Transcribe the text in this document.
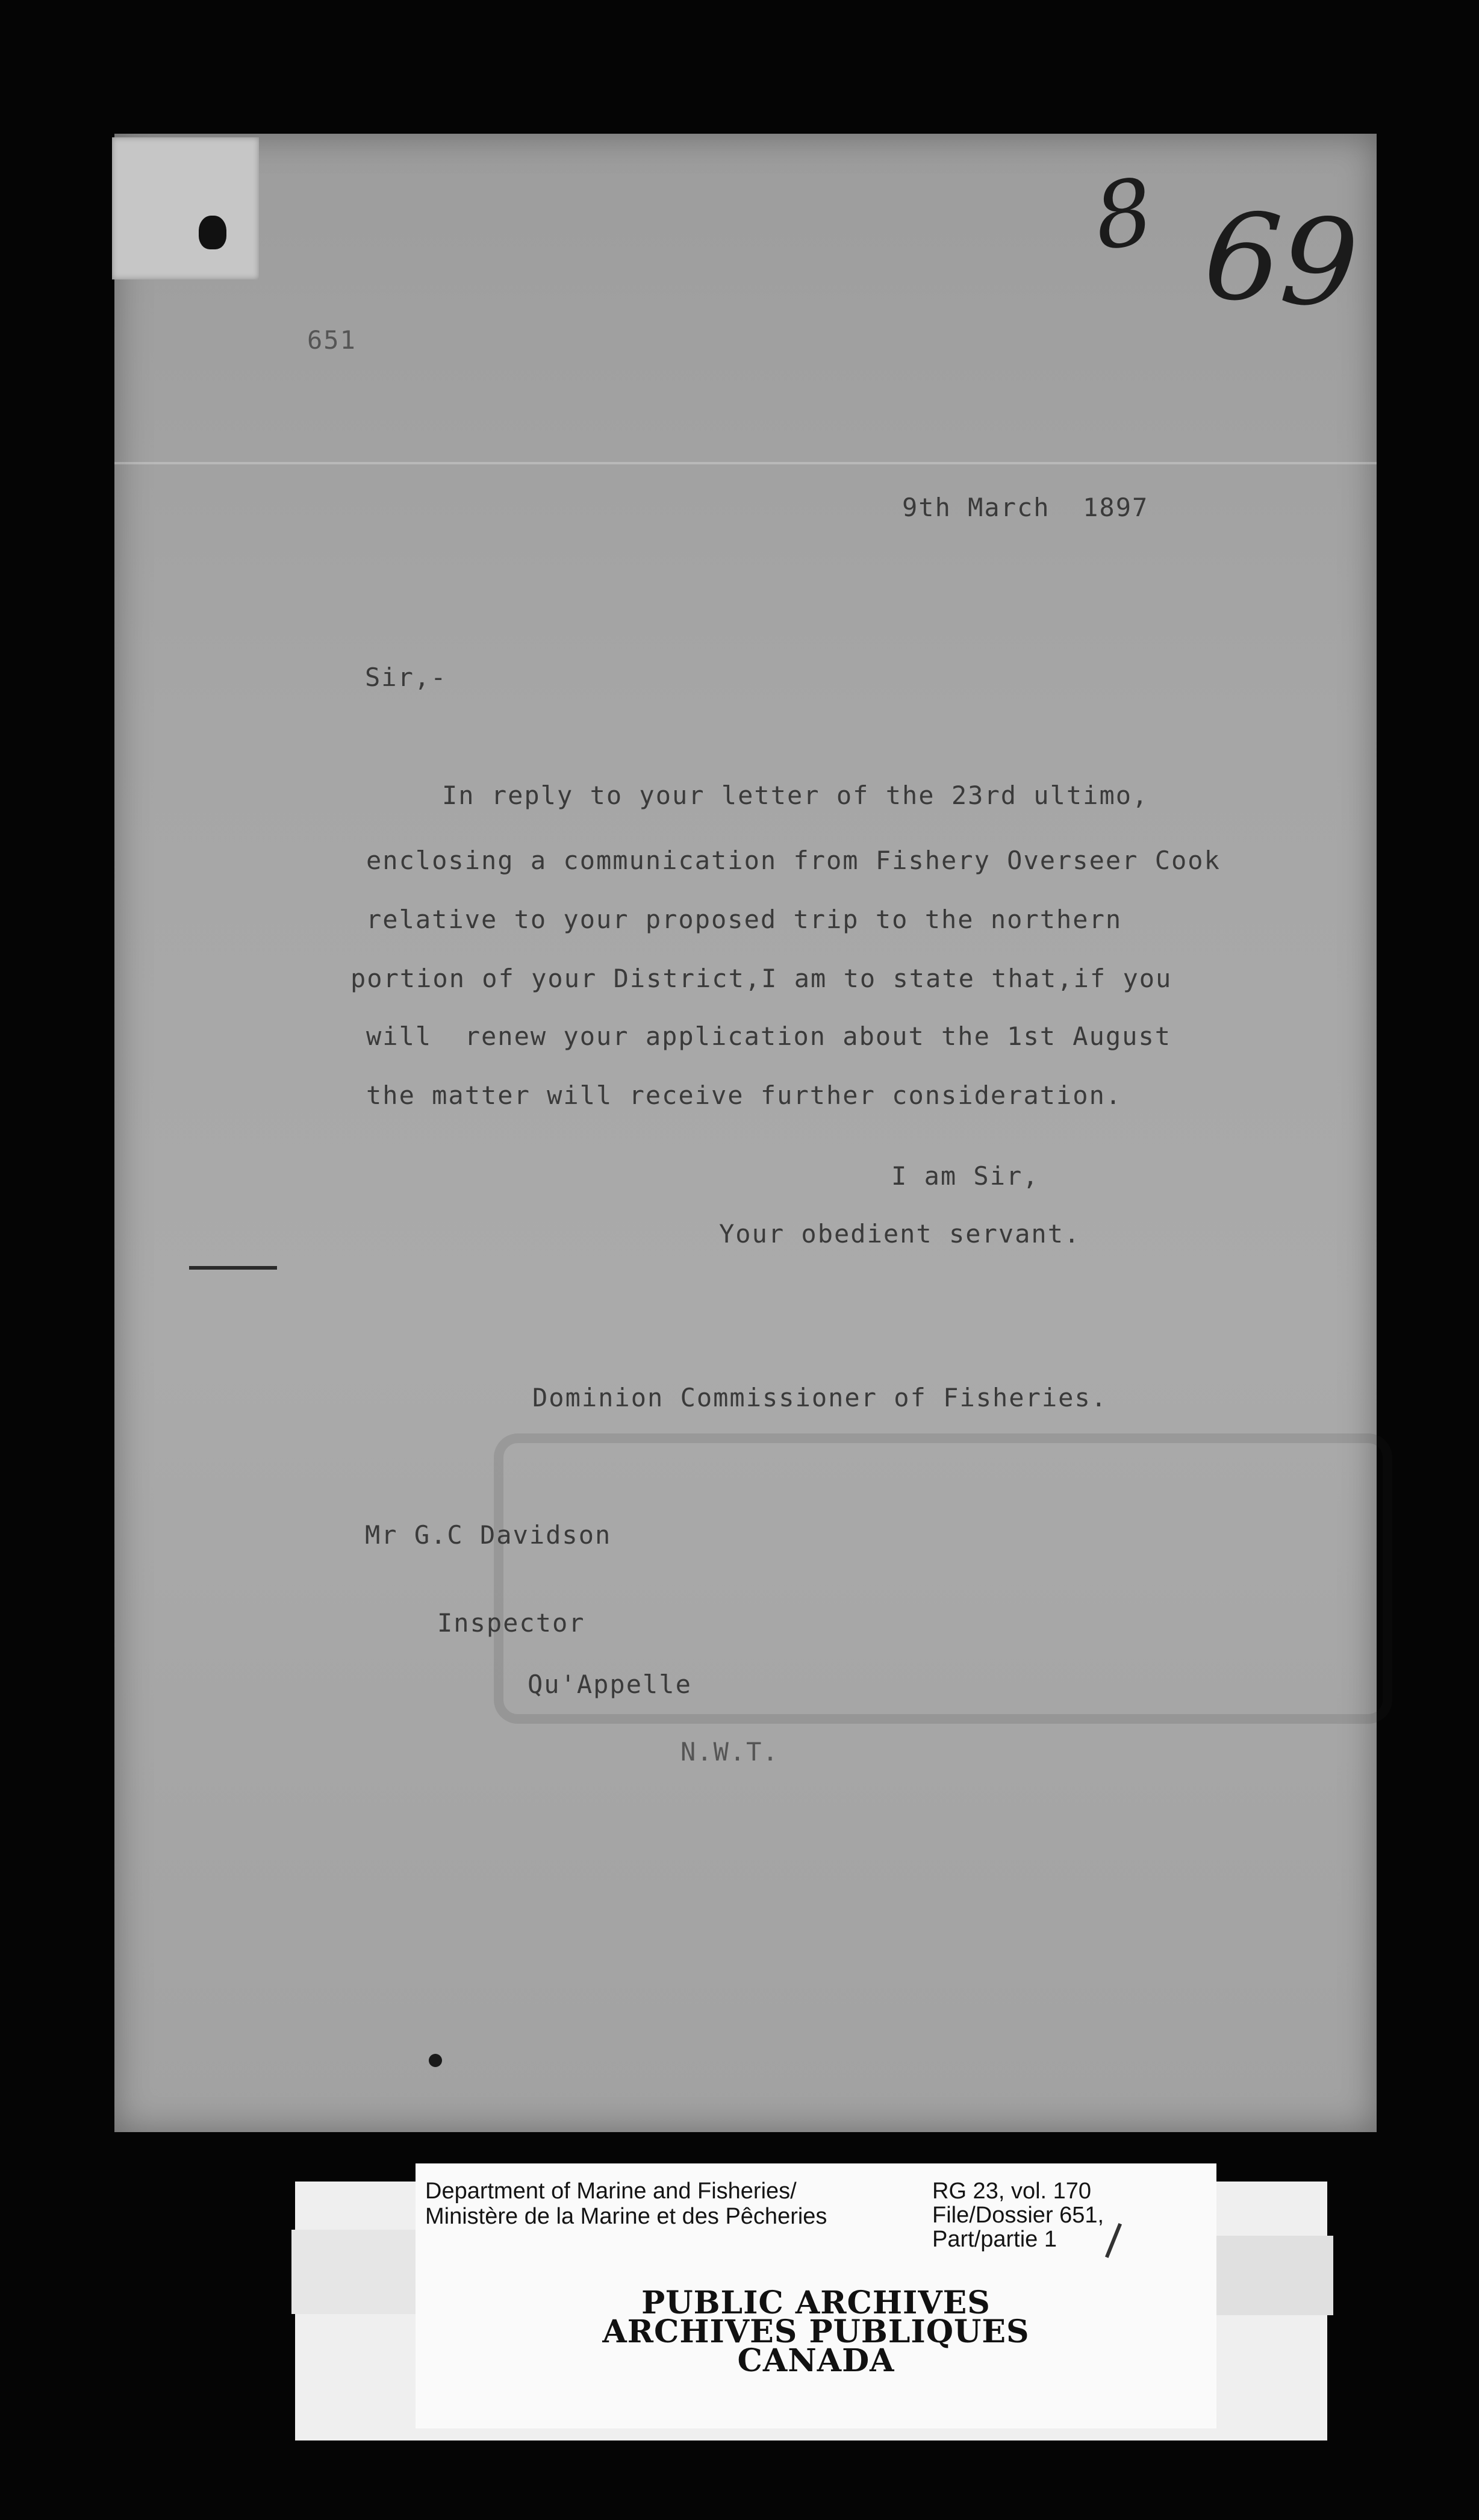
8 69
651
9th March  1897
Sir,-
In reply to your letter of the 23rd ultimo,
enclosing a communication from Fishery Overseer Cook
relative to your proposed trip to the northern
portion of your District,I am to state that,if you
will  renew your application about the 1st August
the matter will receive further consideration.
I am Sir,
Your obedient servant.
Dominion Commissioner of Fisheries.
Mr G.C Davidson
Inspector
Qu'Appelle
N.W.T.
Department of Marine and Fisheries/
Ministère de la Marine et des Pêcheries
RG 23, vol. 170
File/Dossier 651,
Part/partie 1
PUBLIC ARCHIVES
ARCHIVES PUBLIQUES
CANADA
